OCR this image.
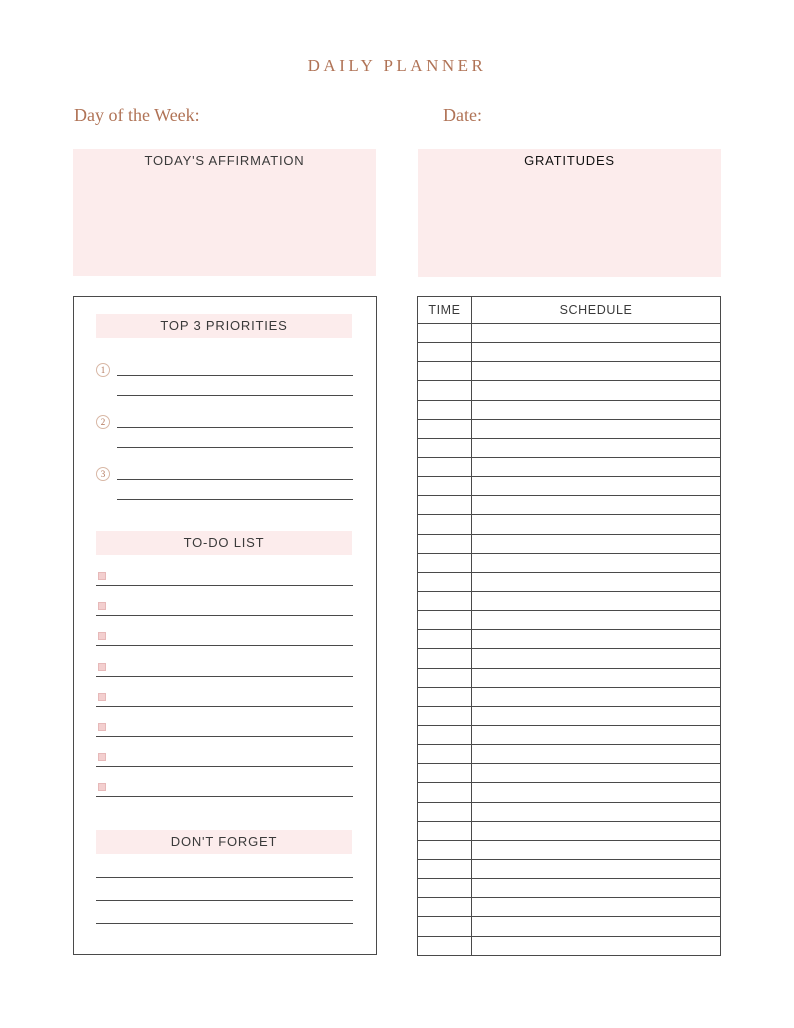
DAILY PLANNER
Day of the Week:	Date:
TODAY'S AFFIRMATION	GRATITUDES
TOP 3 PRIORITIES
1
2
3
TO-DO LIST
DON'T FORGET
TIME	SCHEDULE
